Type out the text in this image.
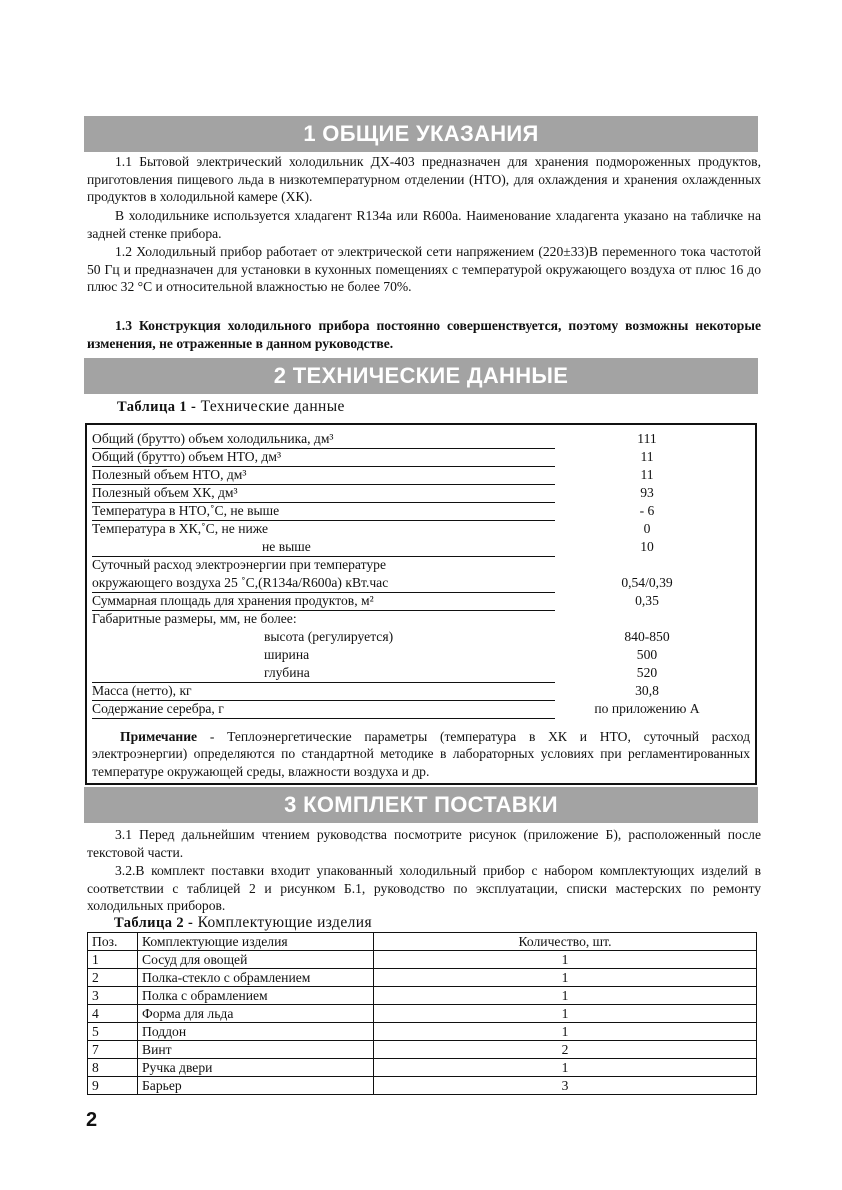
1 ОБЩИЕ УКАЗАНИЯ
1.1 Бытовой электрический холодильник ДХ-403 предназначен для хранения подмороженных продуктов, приготовления пищевого льда в низкотемпературном отделении (НТО), для охлаждения и хранения охлажденных продуктов в холодильной камере (ХК).
В холодильнике используется хладагент R134a или R600a. Наименование хладагента указано на табличке на задней стенке прибора.
1.2 Холодильный прибор работает от электрической сети напряжением (220±33)В переменного тока частотой 50 Гц и предназначен для установки в кухонных помещениях с температурой окружающего воздуха от плюс 16 до плюс 32 °С и относительной влажностью не более 70%.
1.3 Конструкция холодильного прибора постоянно совершенствуется, поэтому возможны некоторые изменения, не отраженные в данном руководстве.
2 ТЕХНИЧЕСКИЕ ДАННЫЕ
Таблица 1 - Технические данные
Общий (брутто) объем холодильника, дм³	111
Общий (брутто) объем НТО, дм³	11
Полезный объем НТО, дм³	11
Полезный объем ХК, дм³	93
Температура в НТО,˚С, не выше	- 6
Температура в ХК,˚С, не ниже	0
не выше	10
Суточный расход электроэнергии при температуре
окружающего воздуха 25 ˚С,(R134a/R600a) кВт.час	0,54/0,39
Суммарная площадь для хранения продуктов, м²	0,35
Габаритные размеры, мм, не более:
высота (регулируется)	840-850
ширина	500
глубина	520
Масса (нетто), кг	30,8
Содержание серебра, г	по приложению А
Примечание - Теплоэнергетические параметры (температура в ХК и НТО, суточный расход электроэнергии) определяются по стандартной методике в лабораторных условиях при регламентированных температуре окружающей среды, влажности воздуха и др.
3 КОМПЛЕКТ ПОСТАВКИ
3.1 Перед дальнейшим чтением руководства посмотрите рисунок (приложение Б), расположенный после текстовой части.
3.2.В комплект поставки входит упакованный холодильный прибор с набором комплектующих изделий в соответствии с таблицей 2 и рисунком Б.1, руководство по эксплуатации, списки мастерских по ремонту холодильных приборов.
Таблица 2 - Комплектующие изделия
Поз.	Комплектующие изделия	Количество, шт.
1	Сосуд для овощей	1
2	Полка-стекло с обрамлением	1
3	Полка с обрамлением	1
4	Форма для льда	1
5	Поддон	1
7	Винт	2
8	Ручка двери	1
9	Барьер	3
2
